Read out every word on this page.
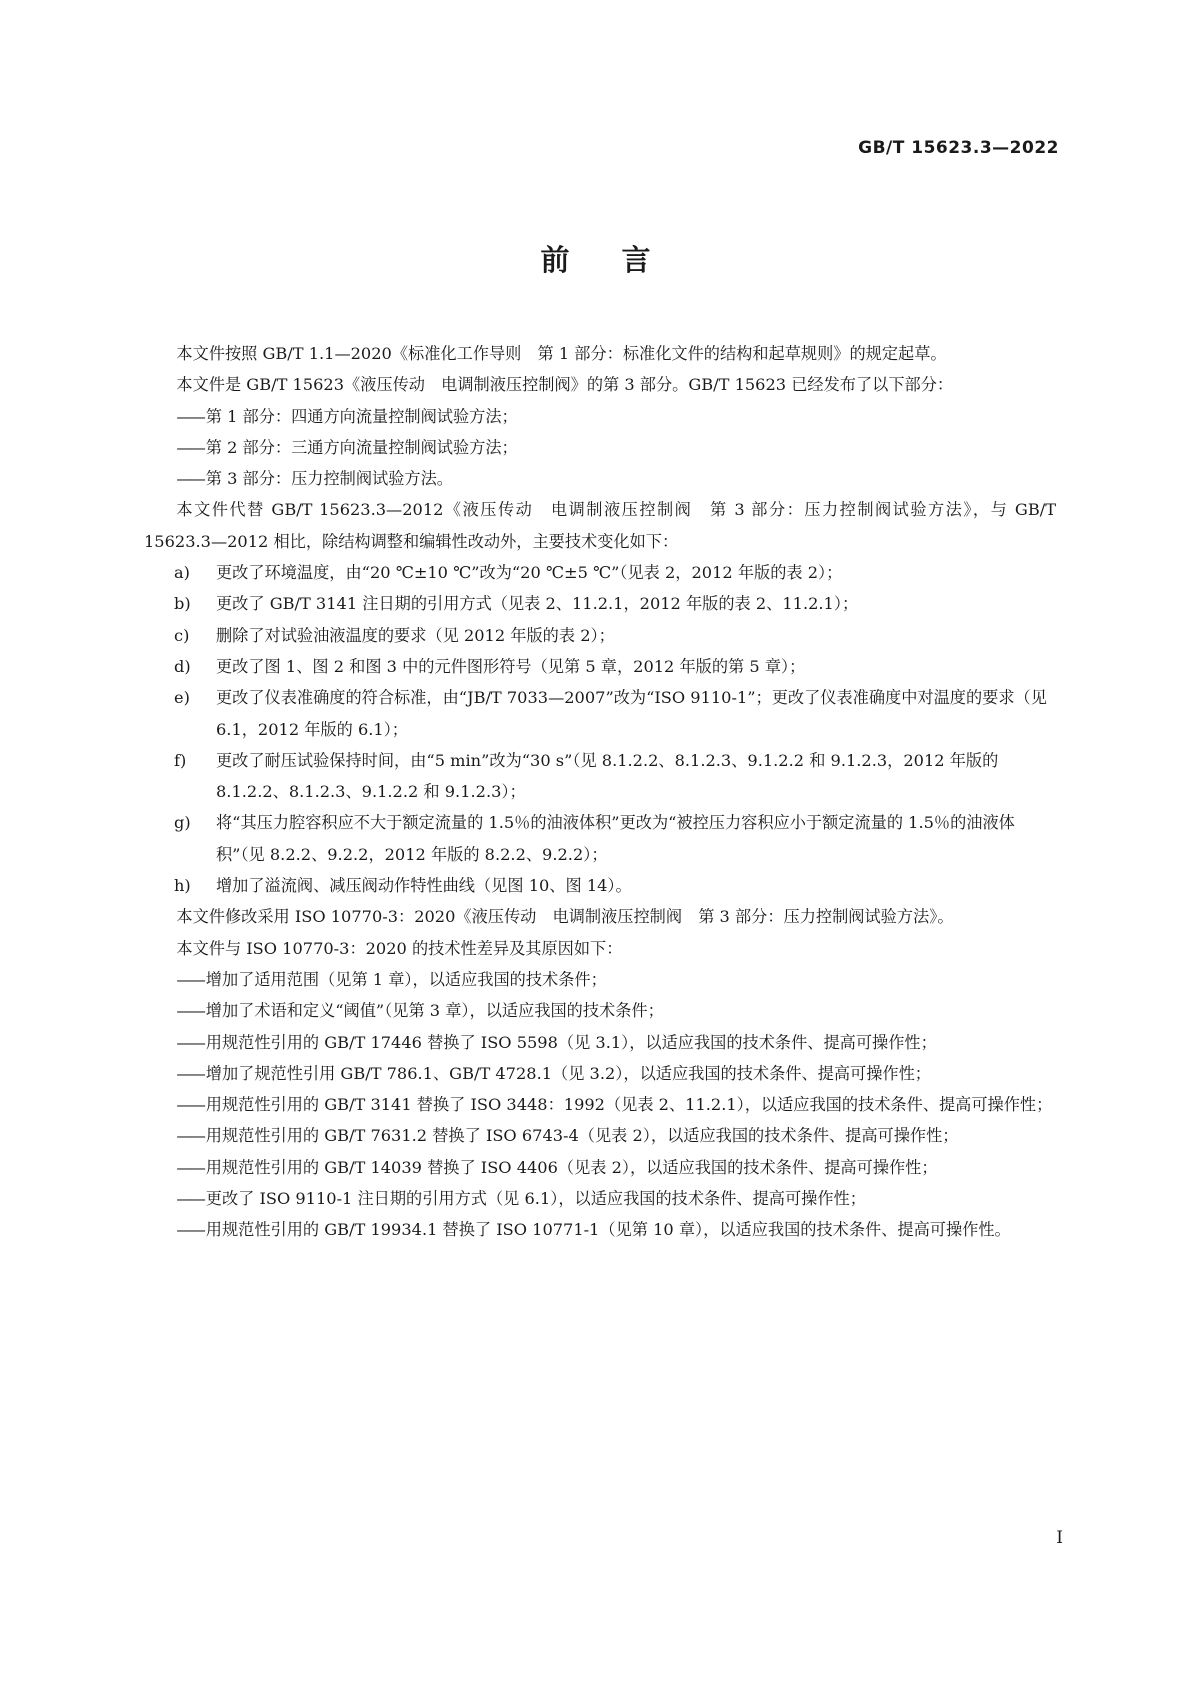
GB/T 15623.3—2022
前言

本文件按照 GB/T 1.1—2020《标准化工作导则　第 1 部分：标准化文件的结构和起草规则》的规定起草。

本文件是 GB/T 15623《液压传动　电调制液压控制阀》的第 3 部分。GB/T 15623 已经发布了以下部分：

—— 第 1 部分：四通方向流量控制阀试验方法；
—— 第 2 部分：三通方向流量控制阀试验方法；
—— 第 3 部分：压力控制阀试验方法。

本文件代替 GB/T 15623.3—2012《液压传动　电调制液压控制阀　第 3 部分：压力控制阀试验方法》，与 GB/T 15623.3—2012 相比，除结构调整和编辑性改动外，主要技术变化如下：

a) 更改了环境温度，由“20 ℃±10 ℃”改为“20 ℃±5 ℃”（见表 2，2012 年版的表 2）；

b) 更改了 GB/T 3141 注日期的引用方式（见表 2、11.2.1，2012 年版的表 2、11.2.1）；

c) 删除了对试验油液温度的要求（见 2012 年版的表 2）；

d) 更改了图 1、图 2 和图 3 中的元件图形符号（见第 5 章，2012 年版的第 5 章）；

e) 更改了仪表准确度的符合标准，由“JB/T 7033—2007”改为“ISO 9110-1”；更改了仪表准确度中对温度的要求（见 6.1，2012 年版的 6.1）；

f) 更改了耐压试验保持时间，由“5 min”改为“30 s”（见 8.1.2.2、8.1.2.3、9.1.2.2 和 9.1.2.3，2012 年版的 8.1.2.2、8.1.2.3、9.1.2.2 和 9.1.2.3）；

g) 将“其压力腔容积应不大于额定流量的 1.5％的油液体积”更改为“被控压力容积应小于额定流量的 1.5％的油液体积”（见 8.2.2、9.2.2，2012 年版的 8.2.2、9.2.2）；

h) 增加了溢流阀、减压阀动作特性曲线（见图 10、图 14）。

本文件修改采用 ISO 10770-3：2020《液压传动　电调制液压控制阀　第 3 部分：压力控制阀试验方法》。

本文件与 ISO 10770-3：2020 的技术性差异及其原因如下：

—— 增加了适用范围（见第 1 章），以适应我国的技术条件；
—— 增加了术语和定义“阈值”（见第 3 章），以适应我国的技术条件；
—— 用规范性引用的 GB/T 17446 替换了 ISO 5598（见 3.1），以适应我国的技术条件、提高可操作性；
—— 增加了规范性引用 GB/T 786.1、GB/T 4728.1（见 3.2），以适应我国的技术条件、提高可操作性；
—— 用规范性引用的 GB/T 3141 替换了 ISO 3448：1992（见表 2、11.2.1），以适应我国的技术条件、提高可操作性；
—— 用规范性引用的 GB/T 7631.2 替换了 ISO 6743-4（见表 2），以适应我国的技术条件、提高可操作性；
—— 用规范性引用的 GB/T 14039 替换了 ISO 4406（见表 2），以适应我国的技术条件、提高可操作性；
—— 更改了 ISO 9110-1 注日期的引用方式（见 6.1），以适应我国的技术条件、提高可操作性；
—— 用规范性引用的 GB/T 19934.1 替换了 ISO 10771-1（见第 10 章），以适应我国的技术条件、提高可操作性。
I
